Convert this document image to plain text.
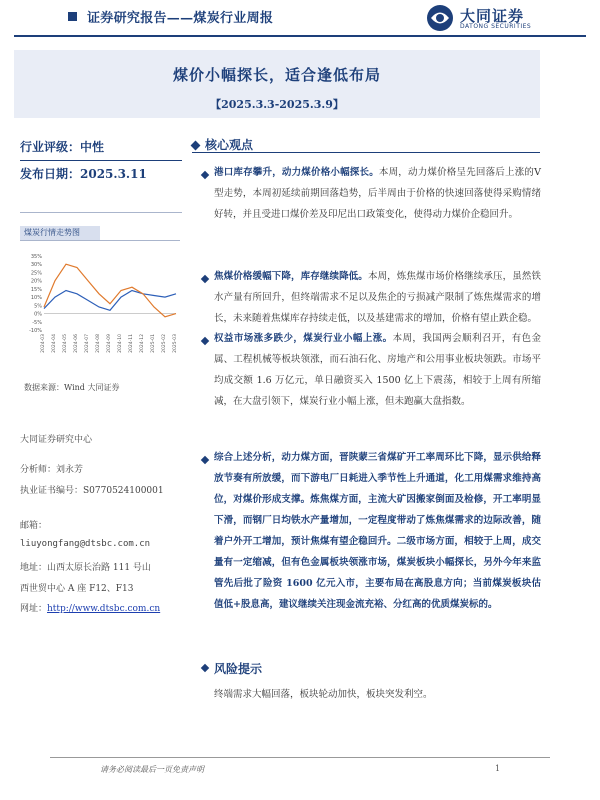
证券研究报告——煤炭行业周报	大同证券
DATONG SECURITIES
煤价小幅探长，适合逢低布局
【2025.3.3-2025.3.9】
行业评级：中性
发布日期：2025.3.11
煤炭行情走势图
35%
30%
25%
20%
15%
10%
5%
0%
-5%
-10%
2024-03 2024-04 2024-05 2024-06 2024-07 2024-08 2024-09 2024-10 2024-11 2024-12 2025-01 2025-02 2025-03
数据来源：Wind 大同证券
大同证券研究中心
分析师：刘永芳
执业证书编号：S0770524100001
邮箱：
liuyongfang@dtsbc.com.cn
地址：山西太原长治路 111 号山
西世贸中心 A 座 F12、F13
网址：http://www.dtsbc.com.cn
核心观点
港口库存攀升，动力煤价格小幅探长。本周，动力煤价格呈先回落后上涨的V型走势，本周初延续前期回落趋势，后半周由于价格的快速回落使得采购情绪好转，并且受进口煤价差及印尼出口政策变化，使得动力煤价企稳回升。
焦煤价格缓幅下降，库存继续降低。本周，炼焦煤市场价格继续承压，虽然铁水产量有所回升，但终端需求不足以及焦企的亏损减产限制了炼焦煤需求的增长，未来随着焦煤库存持续走低，以及基建需求的增加，价格有望止跌企稳。
权益市场涨多跌少，煤炭行业小幅上涨。本周，我国两会顺利召开，有色金属、工程机械等板块领涨，而石油石化、房地产和公用事业板块领跌。市场平均成交额 1.6 万亿元，单日融资买入 1500 亿上下震荡，相较于上周有所缩减，在大盘引领下，煤炭行业小幅上涨，但未跑赢大盘指数。
综合上述分析，动力煤方面，晋陕蒙三省煤矿开工率周环比下降，显示供给释放节奏有所放缓，而下游电厂日耗进入季节性上升通道，化工用煤需求维持高位，对煤价形成支撑。炼焦煤方面，主流大矿因搬家倒面及检修，开工率明显下滑，而钢厂日均铁水产量增加，一定程度带动了炼焦煤需求的边际改善，随着户外开工增加，预计焦煤有望企稳回升。二级市场方面，相较于上周，成交量有一定缩减，但有色金属板块领涨市场，煤炭板块小幅探长，另外今年来监管先后批了险资 1600 亿元入市，主要布局在高股息方向；当前煤炭板块估值低+股息高，建议继续关注现金流充裕、分红高的优质煤炭标的。
风险提示
终端需求大幅回落，板块轮动加快，板块突发利空。
请务必阅读最后一页免责声明	1
